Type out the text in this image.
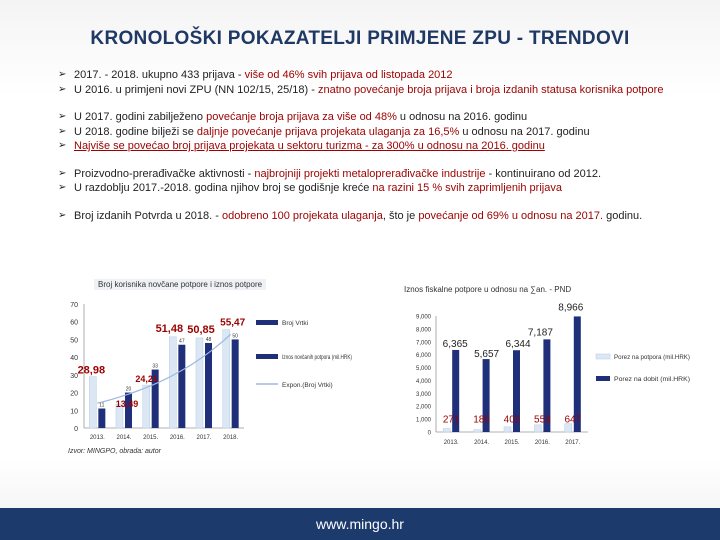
KRONOLOŠKI POKAZATELJI PRIMJENE ZPU - TRENDOVI
➢ 2017. - 2018. ukupno 433 prijava - više od 46% svih prijava od listopada 2012
➢ U 2016. u primjeni novi ZPU (NN 102/15, 25/18) - znatno povećanje broja prijava i broja izdanih statusa korisnika potpore
➢ U 2017. godini zabilježeno povećanje broja prijava za više od 48% u odnosu na 2016. godinu
➢ U 2018. godine bilježi se daljnje povećanje prijava projekata ulaganja za 16,5% u odnosu na 2017. godinu
➢ Najviše se povećao broj prijava projekata u sektoru turizma - za 300% u odnosu na 2016. godinu
➢ Proizvodno-prerađivačke aktivnosti - najbrojniji projekti metaloprerađivačke industrije - kontinuirano od 2012.
➢ U razdoblju 2017.-2018. godina njihov broj se godišnje kreće na razini 15 % svih zaprimljenih prijava
➢ Broj izdanih Potvrda u 2018. - odobreno 100 projekata ulaganja, što je povećanje od 69% u odnosu na 2017. godinu.
Broj korisnika novčane potpore i iznos potpore
Iznos fiskalne potpore u odnosu na ∑an. - PND
0
10
20
30
40
50
60
70
11
2013.
20
2014.
33
2015.
47
2016.
48
2017.
50
2018.
28,98
13,49
24,21
51,48 50,85
55,47	Broj Vrtki
Iznos novčanih potpora (mil.HRK)
Expon.(Broj Vrtki)
0
1,000
2,000
3,000
4,000
5,000
6,000
7,000
8,000
9,000
2013.	2014.	2015.	2016.	2017.
6,365
5,657
6,344
7,187
8,966
271 185 402 553 647
Porez na potpora (mil.HRK)
Porez na dobit (mil.HRK)
Izvor: MINGPO, obrada: autor
www.mingo.hr
